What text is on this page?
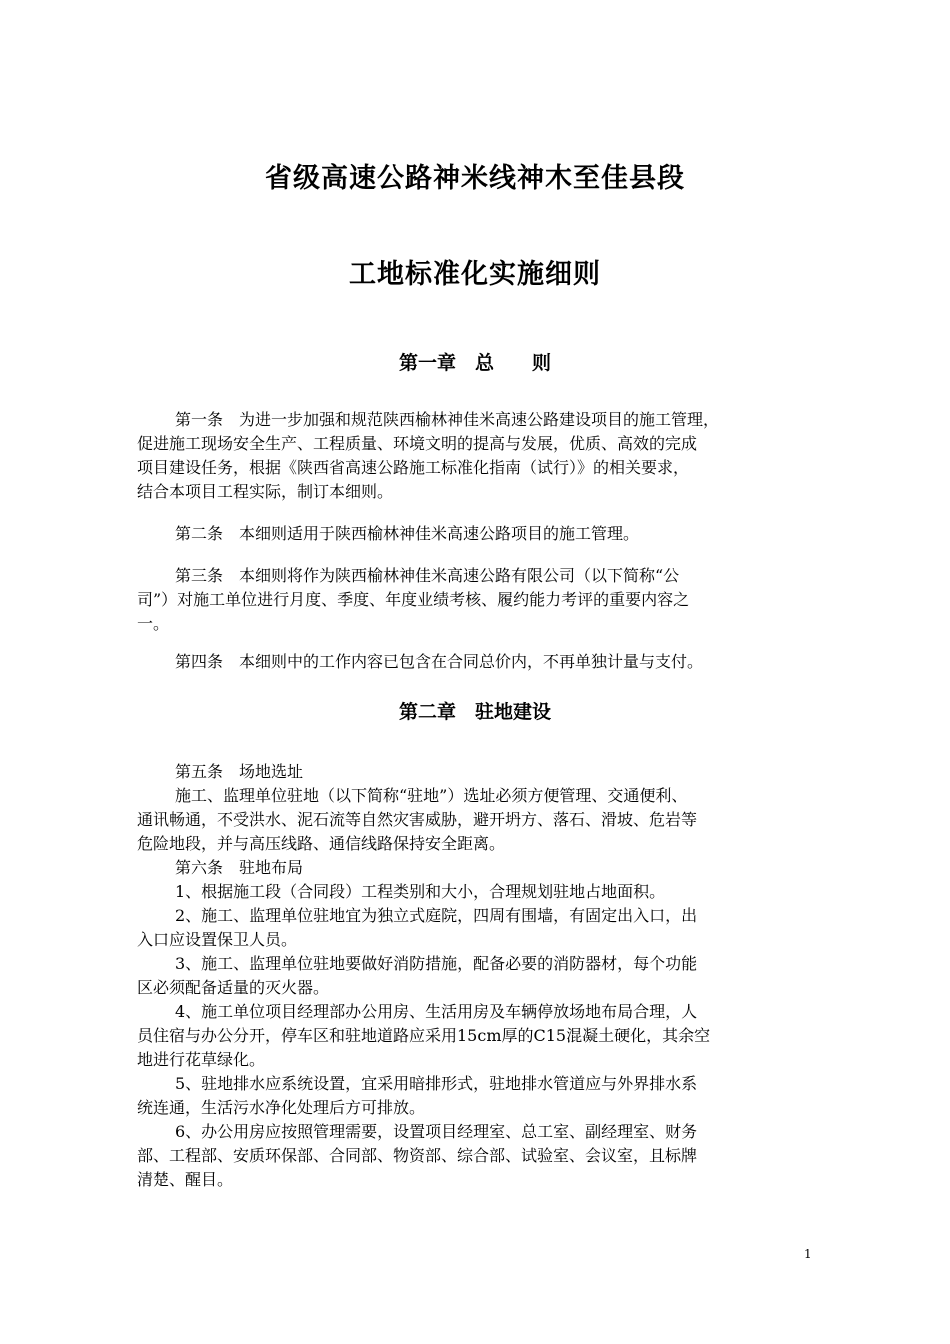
省级高速公路神米线神木至佳县段
工地标准化实施细则
第一章　总　　则
第一条　为进一步加强和规范陕西榆林神佳米高速公路建设项目的施工管理，
促进施工现场安全生产、工程质量、环境文明的提高与发展，优质、高效的完成
项目建设任务，根据《陕西省高速公路施工标准化指南（试行）》的相关要求，
结合本项目工程实际，制订本细则。
第二条　本细则适用于陕西榆林神佳米高速公路项目的施工管理。
第三条　本细则将作为陕西榆林神佳米高速公路有限公司（以下简称“公
司”）对施工单位进行月度、季度、年度业绩考核、履约能力考评的重要内容之
一。
第四条　本细则中的工作内容已包含在合同总价内，不再单独计量与支付。
第二章　驻地建设
第五条　场地选址
施工、监理单位驻地（以下简称“驻地”）选址必须方便管理、交通便利、
通讯畅通，不受洪水、泥石流等自然灾害威胁，避开坍方、落石、滑坡、危岩等
危险地段，并与高压线路、通信线路保持安全距离。
第六条　驻地布局
1、根据施工段（合同段）工程类别和大小，合理规划驻地占地面积。
2、施工、监理单位驻地宜为独立式庭院，四周有围墙，有固定出入口，出
入口应设置保卫人员。
3、施工、监理单位驻地要做好消防措施，配备必要的消防器材，每个功能
区必须配备适量的灭火器。
4、施工单位项目经理部办公用房、生活用房及车辆停放场地布局合理，人
员住宿与办公分开，停车区和驻地道路应采用15cm厚的C15混凝土硬化，其余空
地进行花草绿化。
5、驻地排水应系统设置，宜采用暗排形式，驻地排水管道应与外界排水系
统连通，生活污水净化处理后方可排放。
6、办公用房应按照管理需要，设置项目经理室、总工室、副经理室、财务
部、工程部、安质环保部、合同部、物资部、综合部、试验室、会议室，且标牌
清楚、醒目。
1
